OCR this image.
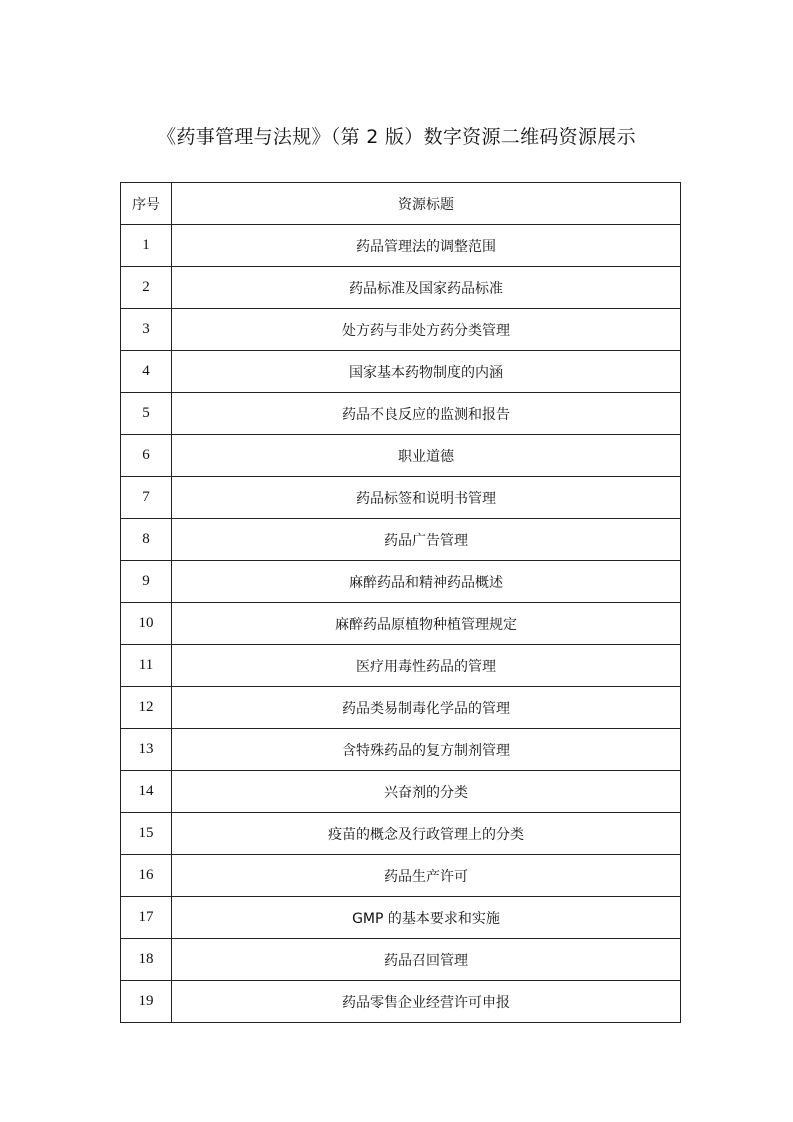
《药事管理与法规》（第 2 版）数字资源二维码资源展示
序号	资源标题
1	药品管理法的调整范围
2	药品标准及国家药品标准
3	处方药与非处方药分类管理
4	国家基本药物制度的内涵
5	药品不良反应的监测和报告
6	职业道德
7	药品标签和说明书管理
8	药品广告管理
9	麻醉药品和精神药品概述
10	麻醉药品原植物种植管理规定
11	医疗用毒性药品的管理
12	药品类易制毒化学品的管理
13	含特殊药品的复方制剂管理
14	兴奋剂的分类
15	疫苗的概念及行政管理上的分类
16	药品生产许可
17	GMP 的基本要求和实施
18	药品召回管理
19	药品零售企业经营许可申报
